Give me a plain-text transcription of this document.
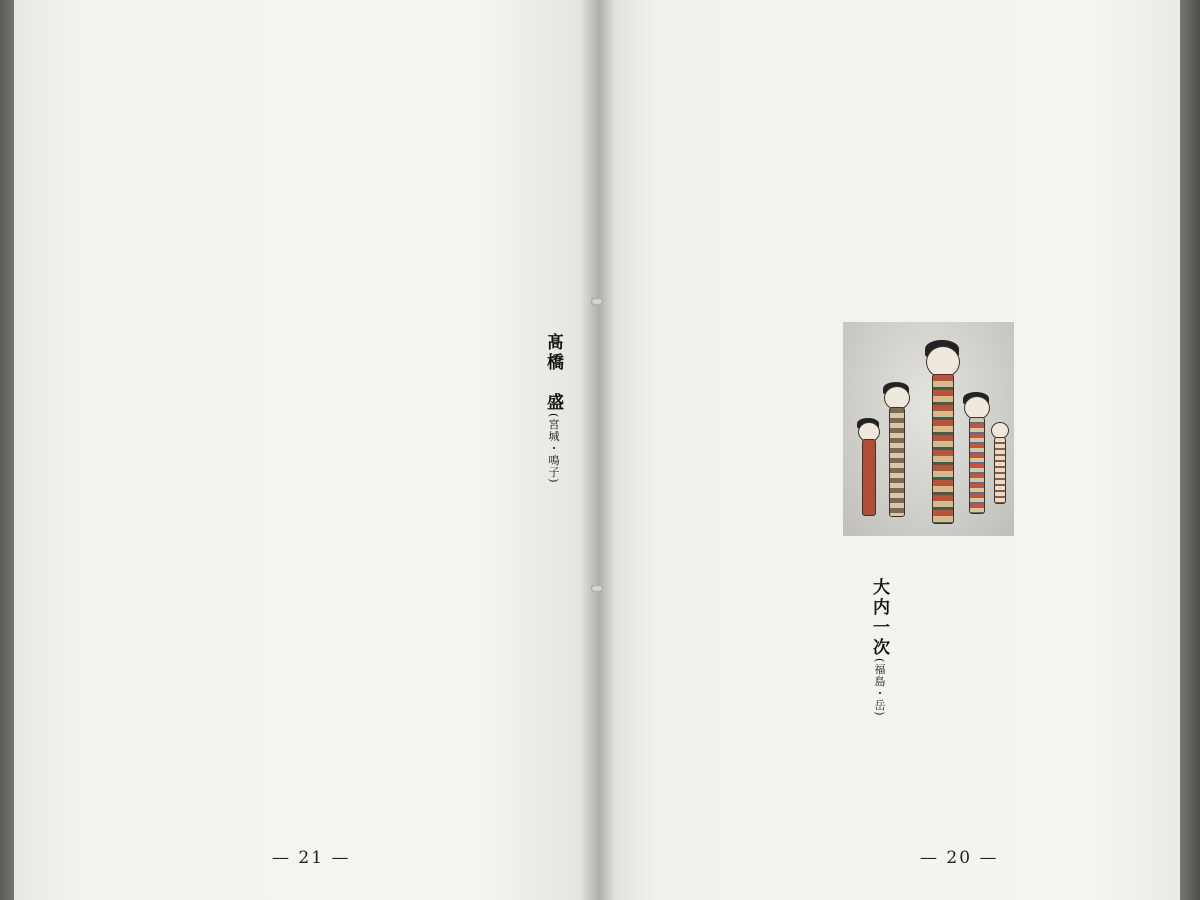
髙橋　盛(宮城・鳴子)
— 21 —
大内一次(福島・岳)
— 20 —
